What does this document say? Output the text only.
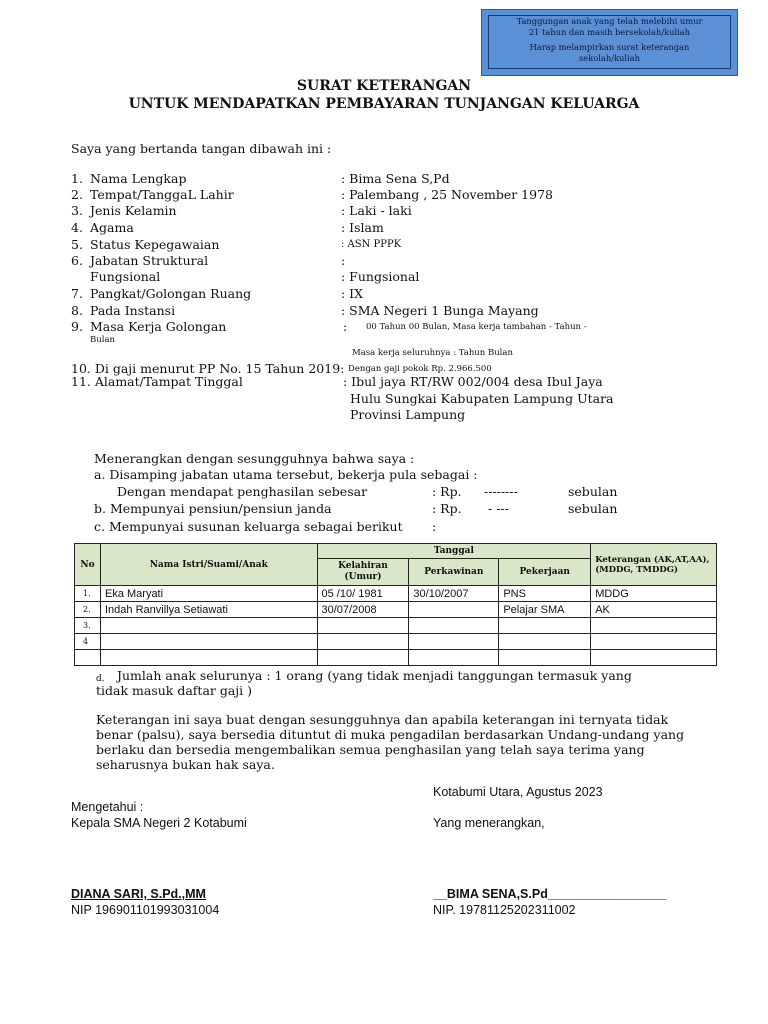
Tanggungan anak yang telah melebihi umur
21 tahun dan masih bersekolah/kuliah
Harap melampirkan surat keterangan
sekolah/kuliah
SURAT KETERANGAN
UNTUK MENDAPATKAN PEMBAYARAN TUNJANGAN KELUARGA
Saya yang bertanda tangan dibawah ini :
1. Nama Lengkap	: Bima Sena S,Pd
2. Tempat/TanggaL Lahir	: Palembang , 25 November 1978
3. Jenis Kelamin	: Laki - laki
4. Agama	: Islam
5. Status Kepegawaian	: ASN PPPK
6. Jabatan Struktural	:
Fungsional	: Fungsional
7. Pangkat/Golongan Ruang	: IX
8. Pada Instansi	: SMA Negeri 1 Bunga Mayang
9. Masa Kerja Golongan	: 00 Tahun 00 Bulan, Masa kerja tambahan - Tahun -
Bulan
Masa kerja seluruhnya : Tahun Bulan
10. Di gaji menurut PP No. 15 Tahun 2019: Dengan gaji pokok Rp. 2.966.500
11. Alamat/Tampat Tinggal	: Ibul jaya RT/RW 002/004 desa Ibul Jaya
Hulu Sungkai Kabupaten Lampung Utara
Provinsi Lampung
Menerangkan dengan sesungguhnya bahwa saya :
a. Disamping jabatan utama tersebut, bekerja pula sebagai :
Dengan mendapat penghasilan sebesar	: Rp. --------	sebulan
b. Mempunyai pensiun/pensiun janda	: Rp. - ---	sebulan
c. Mempunyai susunan keluarga sebagai berikut :
No	Nama Istri/Suami/Anak	Tanggal			Keterangan (AK,AT,AA), (MDDG, TMDDG)
		Kelahiran (Umur)	Perkawinan	Pekerjaan	
1.	Eka Maryati	05 /10/ 1981	30/10/2007	PNS	MDDG
2.	Indah Ranvillya Setiawati	30/07/2008		Pelajar SMA	AK
3.					
4					

d. Jumlah anak selurunya : 1 orang (yang tidak menjadi tanggungan termasuk yang
tidak masuk daftar gaji )
Keterangan ini saya buat dengan sesungguhnya dan apabila keterangan ini ternyata tidak
benar (palsu), saya bersedia dituntut di muka pengadilan berdasarkan Undang-undang yang
berlaku dan bersedia mengembalikan semua penghasilan yang telah saya terima yang
seharusnya bukan hak saya.
Kotabumi Utara, Agustus 2023
Mengetahui :
Kepala SMA Negeri 2 Kotabumi	Yang menerangkan,
DIANA SARI, S.Pd.,MM
NIP 196901101993031004
__BIMA SENA,S.Pd_________________
NIP. 19781125202311002
